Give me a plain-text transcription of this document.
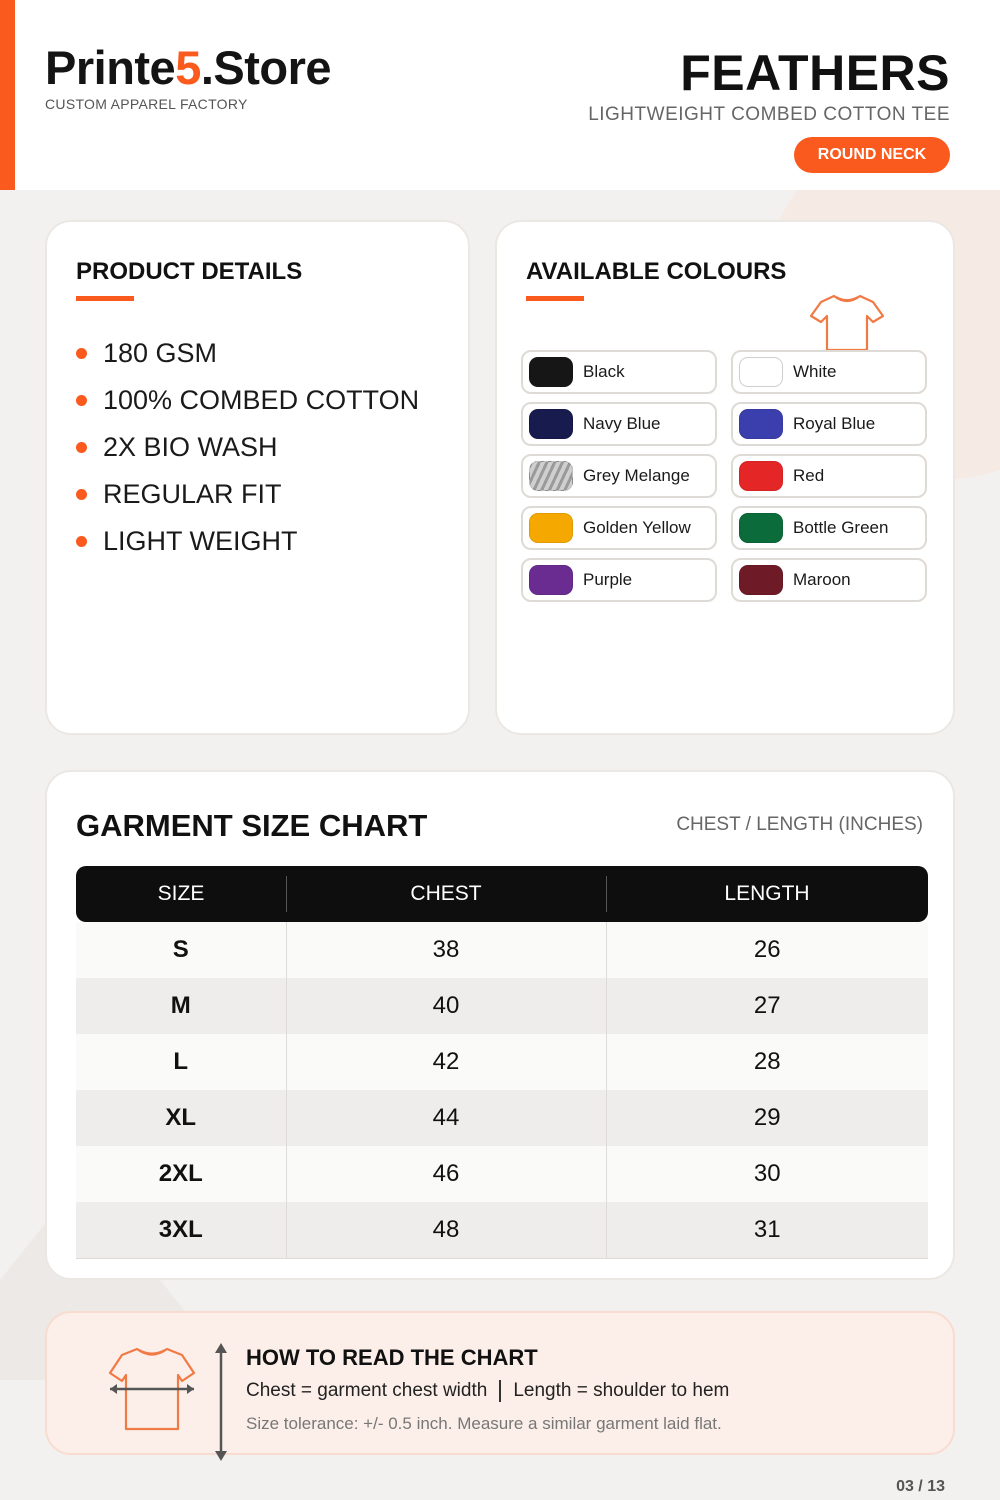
Printe5.Store
CUSTOM APPAREL FACTORY
FEATHERS
LIGHTWEIGHT COMBED COTTON TEE
ROUND NECK
PRODUCT DETAILS
180 GSM
100% COMBED COTTON
2X BIO WASH
REGULAR FIT
LIGHT WEIGHT
AVAILABLE COLOURS
Black	White
Navy Blue	Royal Blue
Grey Melange	Red
Golden Yellow	Bottle Green
Purple	Maroon
GARMENT SIZE CHART	CHEST / LENGTH (INCHES)
SIZE	CHEST	LENGTH
S	38	26
M	40	27
L	42	28
XL	44	29
2XL	46	30
3XL	48	31
HOW TO READ THE CHART
Chest = garment chest width Length = shoulder to hem
Size tolerance: +/- 0.5 inch. Measure a similar garment laid flat.
03 / 13
